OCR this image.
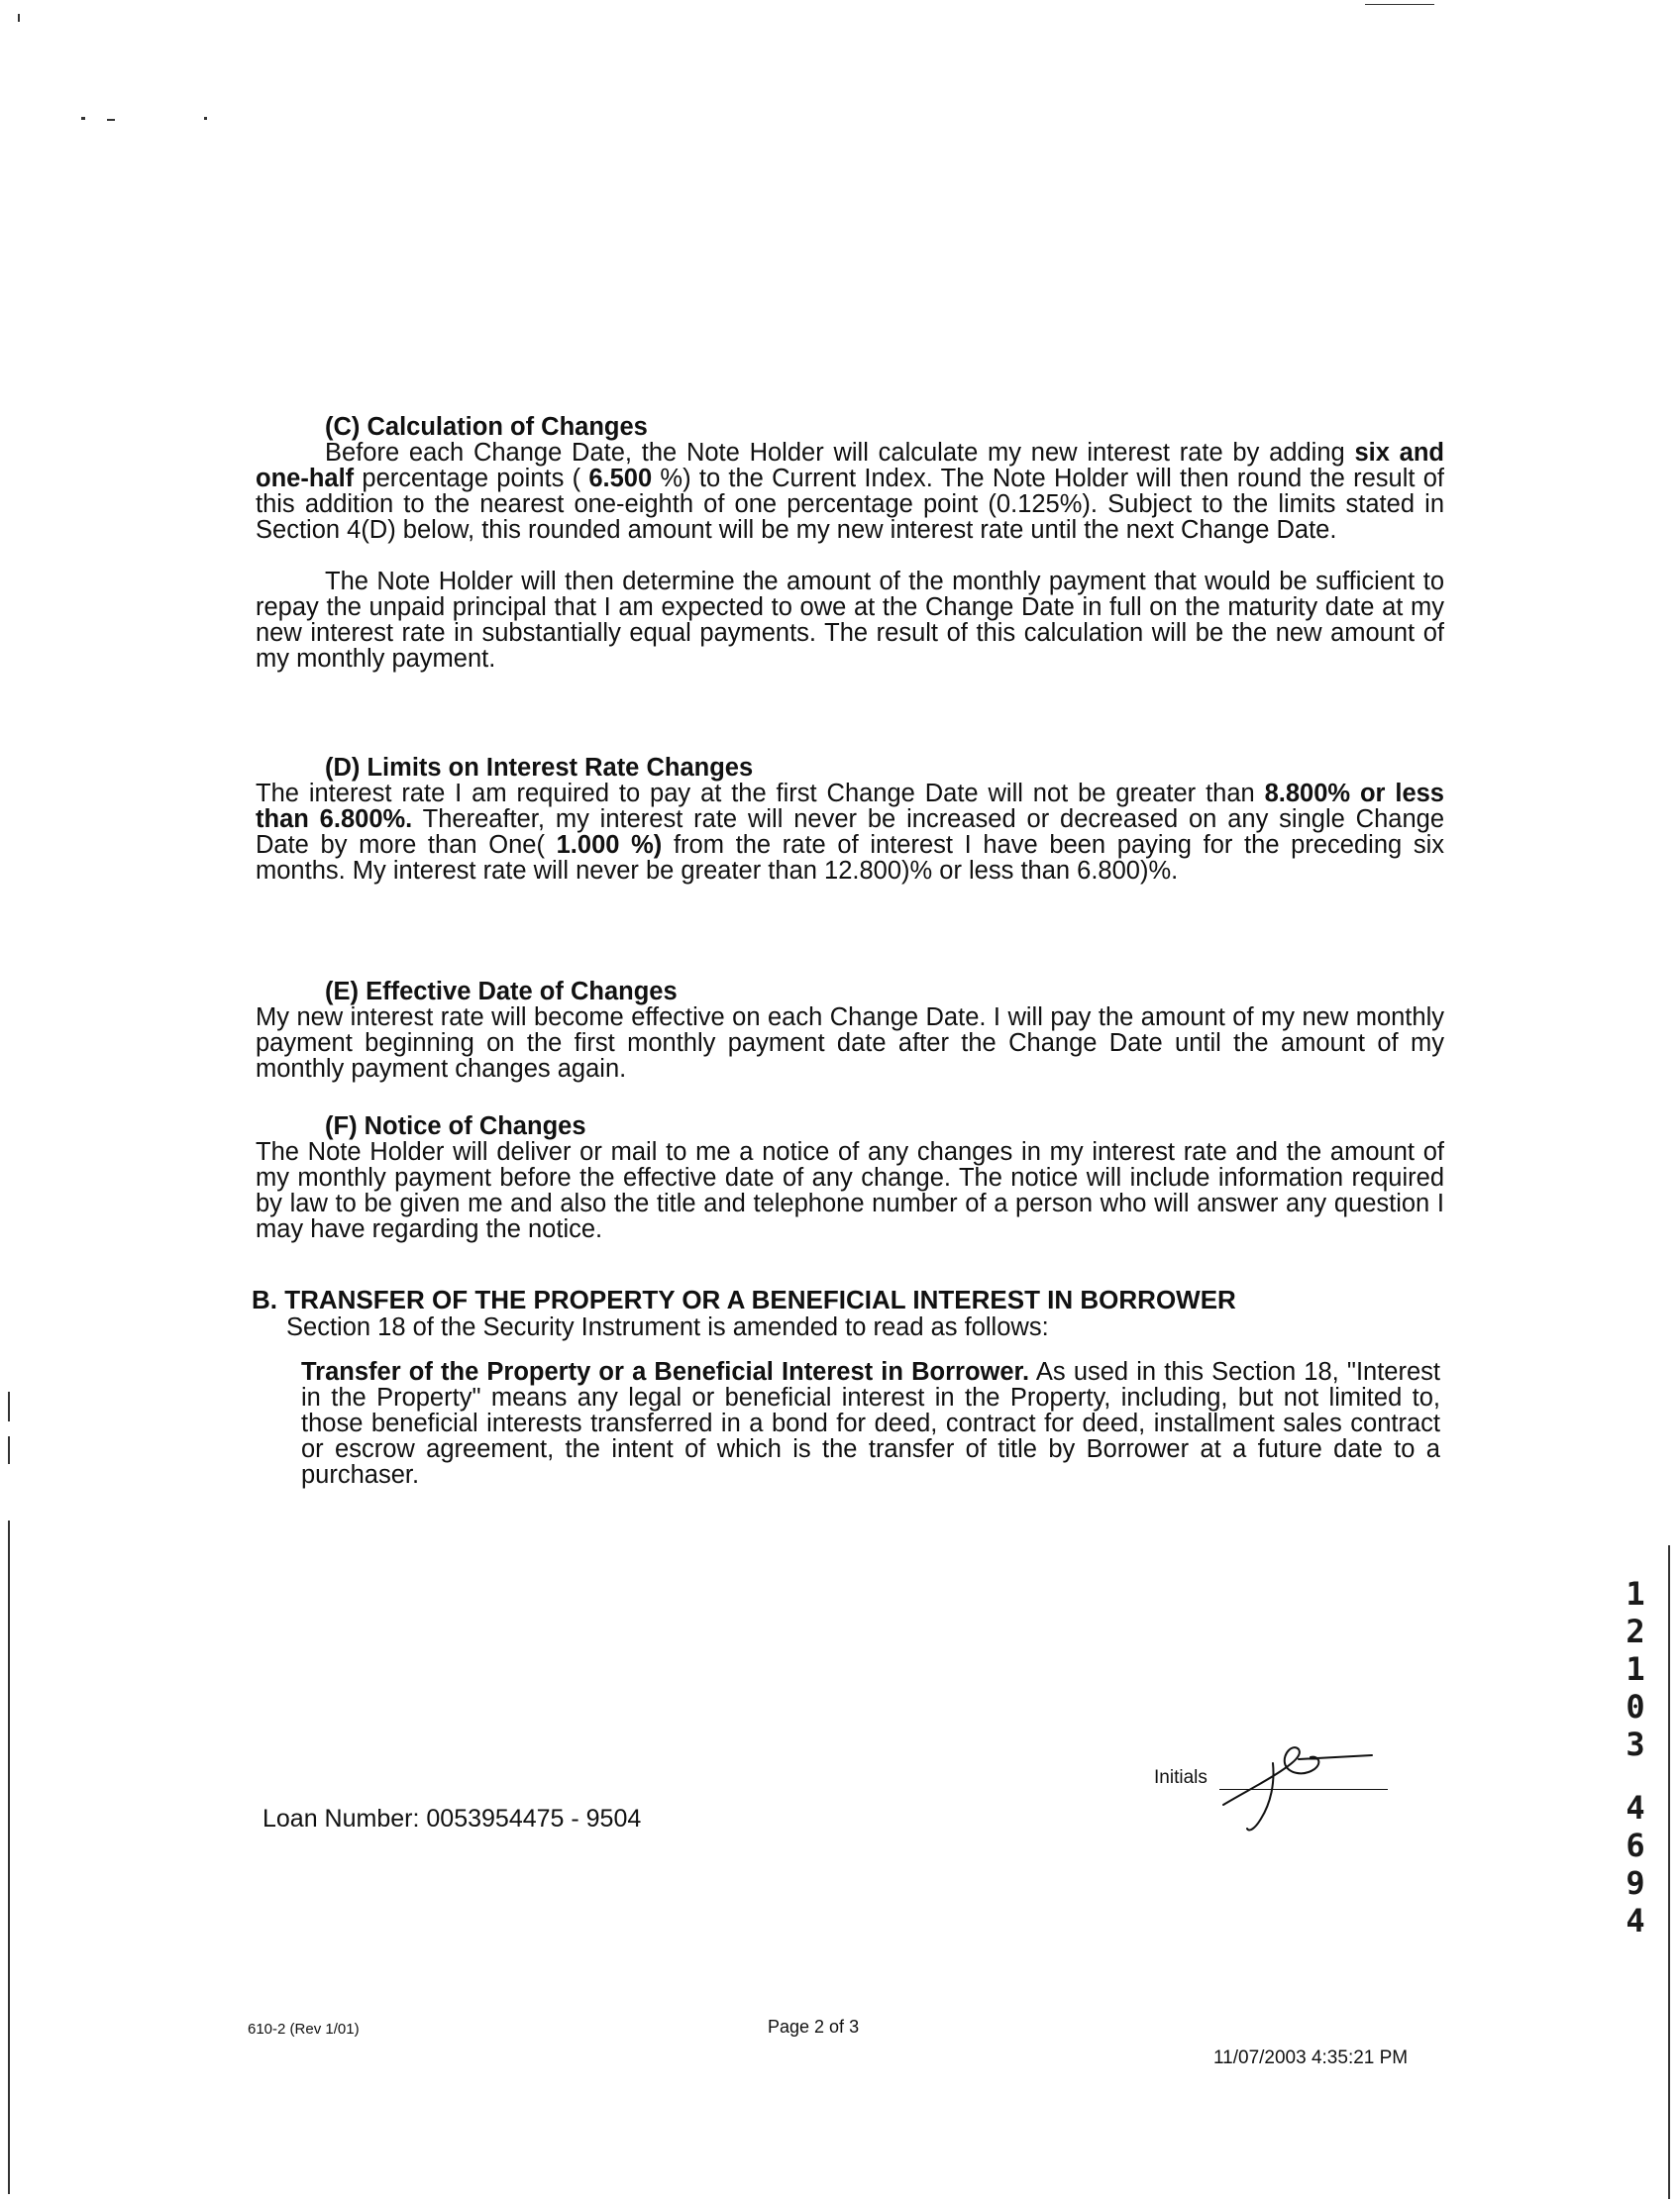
(C) Calculation of Changes

Before each Change Date, the Note Holder will calculate my new interest rate by adding six and one-half percentage points ( 6.500 %) to the Current Index. The Note Holder will then round the result of this addition to the nearest one-eighth of one percentage point (0.125%). Subject to the limits stated in Section 4(D) below, this rounded amount will be my new interest rate until the next Change Date.

The Note Holder will then determine the amount of the monthly payment that would be sufficient to repay the unpaid principal that I am expected to owe at the Change Date in full on the maturity date at my new interest rate in substantially equal payments. The result of this calculation will be the new amount of my monthly payment.

(D) Limits on Interest Rate Changes

The interest rate I am required to pay at the first Change Date will not be greater than 8.800% or less than 6.800%. Thereafter, my interest rate will never be increased or decreased on any single Change Date by more than One( 1.000 %) from the rate of interest I have been paying for the preceding six months. My interest rate will never be greater than 12.800)% or less than 6.800)%.

(E) Effective Date of Changes

My new interest rate will become effective on each Change Date. I will pay the amount of my new monthly payment beginning on the first monthly payment date after the Change Date until the amount of my monthly payment changes again.

(F) Notice of Changes

The Note Holder will deliver or mail to me a notice of any changes in my interest rate and the amount of my monthly payment before the effective date of any change. The notice will include information required by law to be given me and also the title and telephone number of a person who will answer any question I may have regarding the notice.

B. TRANSFER OF THE PROPERTY OR A BENEFICIAL INTEREST IN BORROWER
Section 18 of the Security Instrument is amended to read as follows:

Transfer of the Property or a Beneficial Interest in Borrower. As used in this Section 18, "Interest in the Property" means any legal or beneficial interest in the Property, including, but not limited to, those beneficial interests transferred in a bond for deed, contract for deed, installment sales contract or escrow agreement, the intent of which is the transfer of title by Borrower at a future date to a purchaser.

Loan Number: 0053954475 - 9504
Initials
610-2 (Rev 1/01)	Page 2 of 3
11/07/2003 4:35:21 PM
1
2
1
0
3
4
6
9
4
